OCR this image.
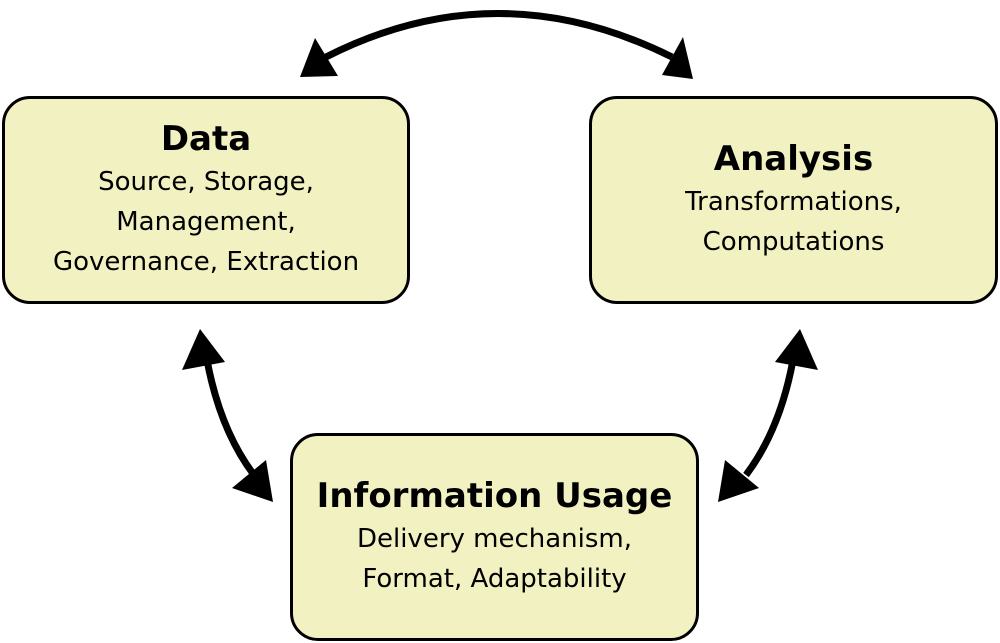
Data
Source, Storage,
Management,
Governance, Extraction
Analysis
Transformations,
Computations
Information Usage
Delivery mechanism,
Format, Adaptability
